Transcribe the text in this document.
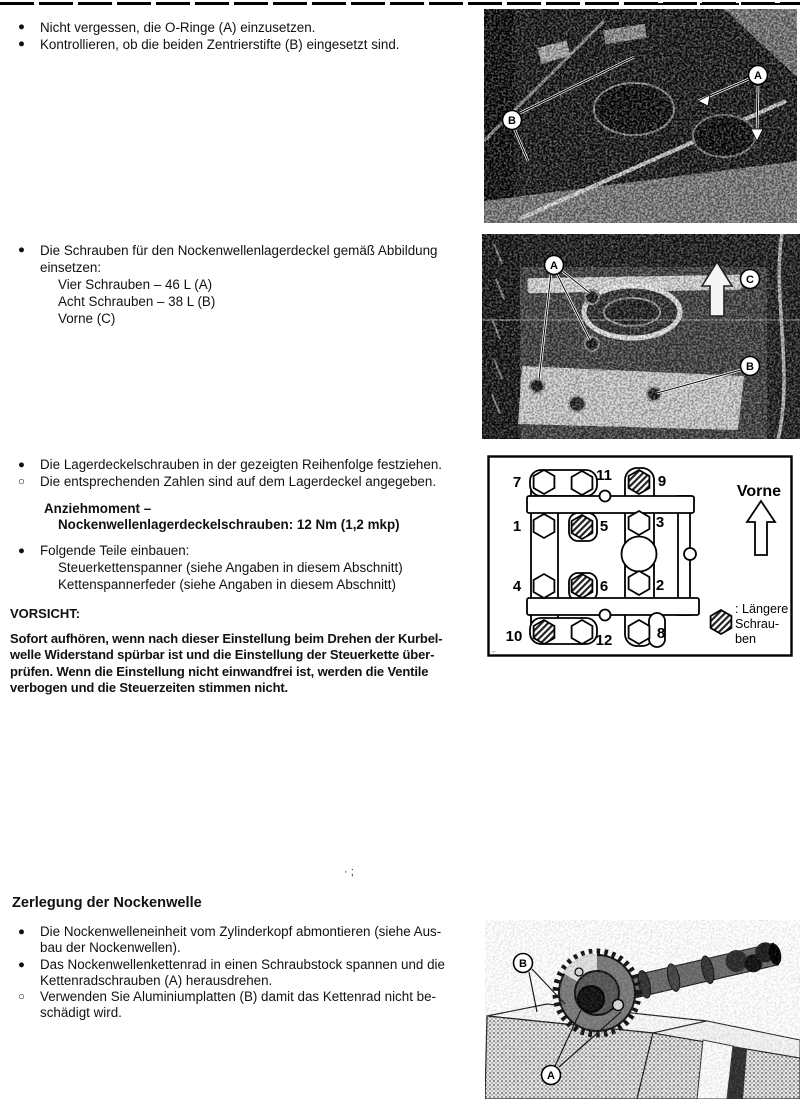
●	Nicht vergessen, die O-Ringe (A) einzusetzen.
●	Kontrollieren, ob die beiden Zentrierstifte (B) eingesetzt sind.
●	Die Schrauben für den Nockenwellenlagerdeckel gemäß Abbildung
einsetzen:
Vier Schrauben – 46 L (A)
Acht Schrauben – 38 L (B)
Vorne (C)
●	Die Lagerdeckelschrauben in der gezeigten Reihenfolge festziehen.
○	Die entsprechenden Zahlen sind auf dem Lagerdeckel angegeben.
Anziehmoment –
Nockenwellenlagerdeckelschrauben: 12 Nm (1,2 mkp)
●	Folgende Teile einbauen:
Steuerkettenspanner (siehe Angaben in diesem Abschnitt)
Kettenspannerfeder (siehe Angaben in diesem Abschnitt)
VORSICHT:
Sofort aufhören, wenn nach dieser Einstellung beim Drehen der Kurbel-
welle Widerstand spürbar ist und die Einstellung der Steuerkette über-
prüfen. Wenn die Einstellung nicht einwandfrei ist, werden die Ventile
verbogen und die Steuerzeiten stimmen nicht.
· ;
Zerlegung der Nockenwelle
●	Die Nockenwelleneinheit vom Zylinderkopf abmontieren (siehe Aus-
bau der Nockenwellen).
●	Das Nockenwellenkettenrad in einen Schraubstock spannen und die
Kettenradschrauben (A) herausdrehen.
○	Verwenden Sie Aluminiumplatten (B) damit das Kettenrad nicht be-
schädigt wird.
B
A
A
C
B
7	11	9
1	5	3
4	6	2
10	12	8
Vorne
: Längere
Schrau-
ben
,.
B
A
